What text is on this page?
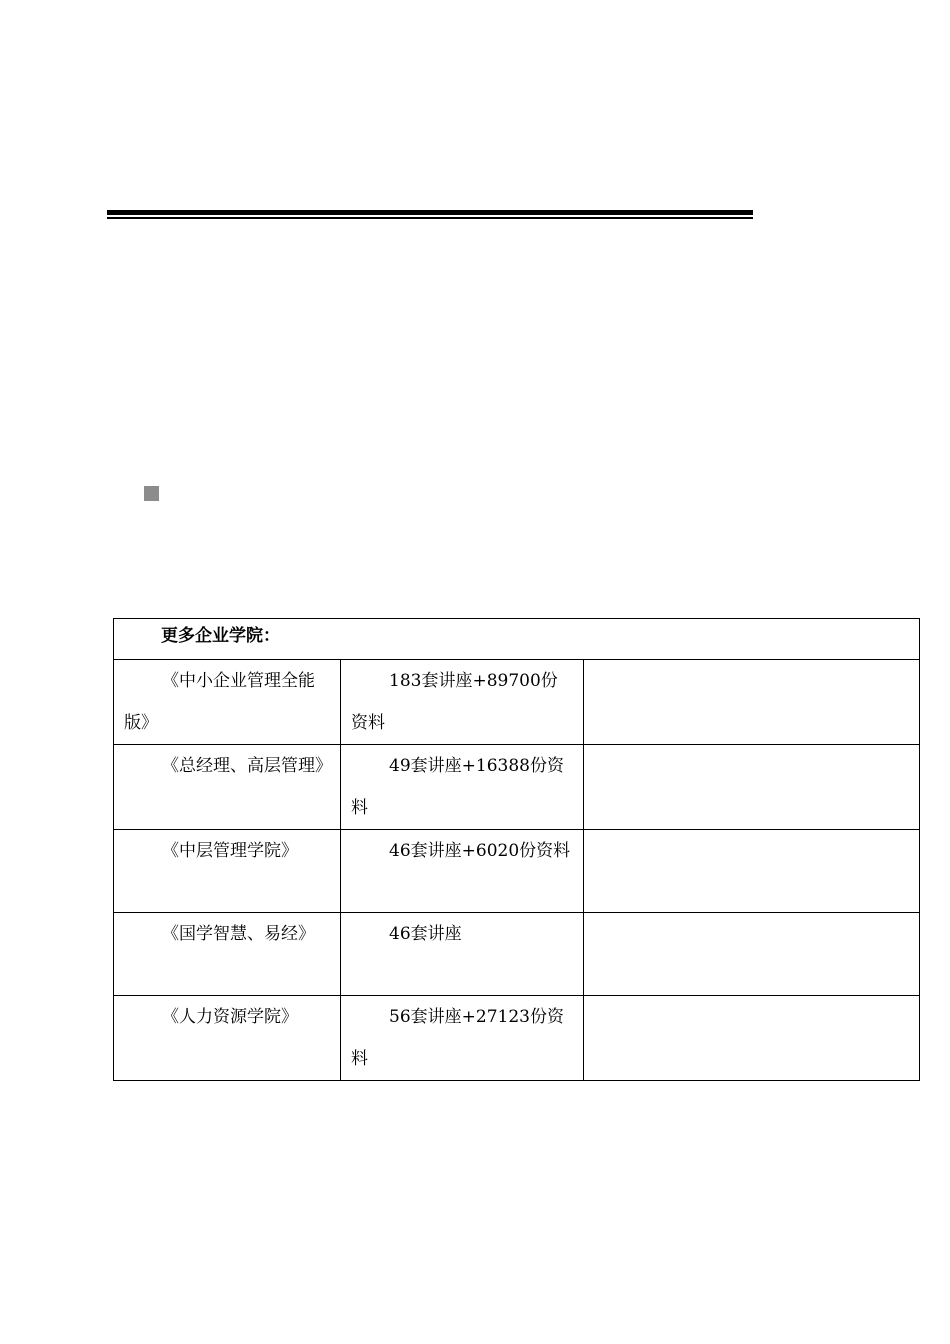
更多企业学院：		
《中小企业管理全能版》	183套讲座+89700份资料	
《总经理、高层管理》	49套讲座+16388份资料	
《中层管理学院》	46套讲座+6020份资料	
《国学智慧、易经》	46套讲座	
《人力资源学院》	56套讲座+27123份资料	
